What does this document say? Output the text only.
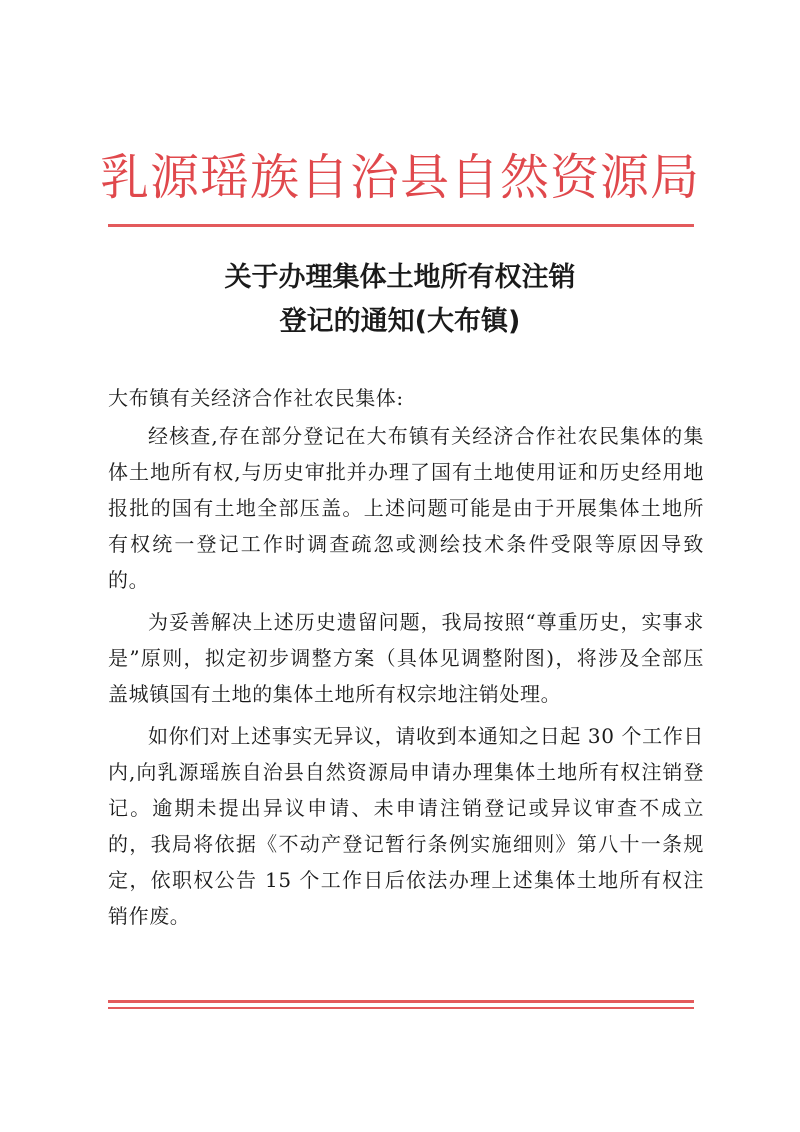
乳源瑶族自治县自然资源局
关于办理集体土地所有权注销
登记的通知(大布镇)
大布镇有关经济合作社农民集体:

经核查,存在部分登记在大布镇有关经济合作社农民集体的集体土地所有权,与历史审批并办理了国有土地使用证和历史经用地报批的国有土地全部压盖。上述问题可能是由于开展集体土地所有权统一登记工作时调查疏忽或测绘技术条件受限等原因导致的。

为妥善解决上述历史遗留问题，我局按照“尊重历史，实事求是”原则，拟定初步调整方案（具体见调整附图)，将涉及全部压盖城镇国有土地的集体土地所有权宗地注销处理。

如你们对上述事实无异议，请收到本通知之日起 30 个工作日内,向乳源瑶族自治县自然资源局申请办理集体土地所有权注销登记。逾期未提出异议申请、未申请注销登记或异议审查不成立的，我局将依据《不动产登记暂行条例实施细则》第八十一条规定，依职权公告 15 个工作日后依法办理上述集体土地所有权注销作废。
